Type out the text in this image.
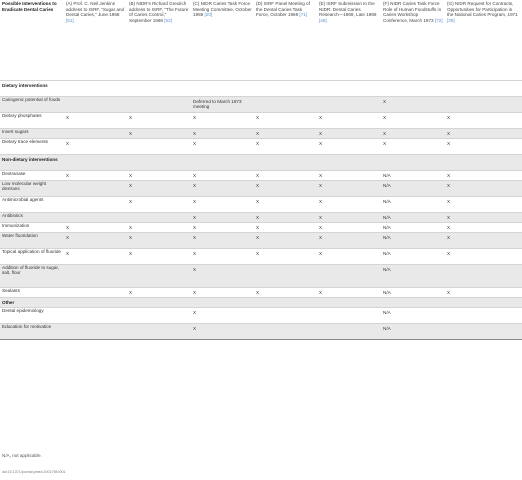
Possible Interventions to Eradicate Dental Caries	(A) Prof. C. Neil Jenkins address to ISRF, "Sugar and Dental Caries," June 1968 [51]	(B) NIDR's Richard Greulich address to ISRF, "The Future of Caries Control," September 1968 [52]	(C) NIDR Caries Task Force Meeting Committee, October 1969 [20]	(D) ISRF Panel Meeting of the Dental Caries Task Force, October 1969 [71]	(E) ISRF Submission to the NIDR: Dental Caries Research—1969, Late 1969 [48]	(F) NIDR Caries Task Force Role of Human Foodstuffs in Caries Workshop Conference, March 1973 [72]	(G) NIDR Request for Contracts, Opportunities for Participation in the National Caries Program, 1971 [39]
Dietary interventions							
Cariogenic potential of foods			Deferred to March 1973 meeting			X	
Dietary phosphates	X	X	X	X	X	X	X
Invert sugars		X	X	X	X	X	X
Dietary trace elements	X		X	X	X	X	X
Non-dietary interventions							
Dextranase	X	X	X	X	X	N/A	X
Low molecular weight dextrans		X	X	X	X	N/A	X
Antimicrobial agents		X	X	X	X	N/A	X
Antibiotics			X	X	X	N/A	X
Immunization	X	X	X	X	X	N/A	X
Water fluoridation	X	X	X	X	X	N/A	X
Topical application of fluoride	X	X	X	X	X	N/A	X
Addition of fluoride to sugar, salt, flour			X			N/A	
Sealants		X	X	X	X	N/A	X
Other							
Dental epidemiology			X			N/A	
Education for motivation			X			N/A	
N/A, not applicable.
doi:10.1371/journal.pmed.1001798.t001
